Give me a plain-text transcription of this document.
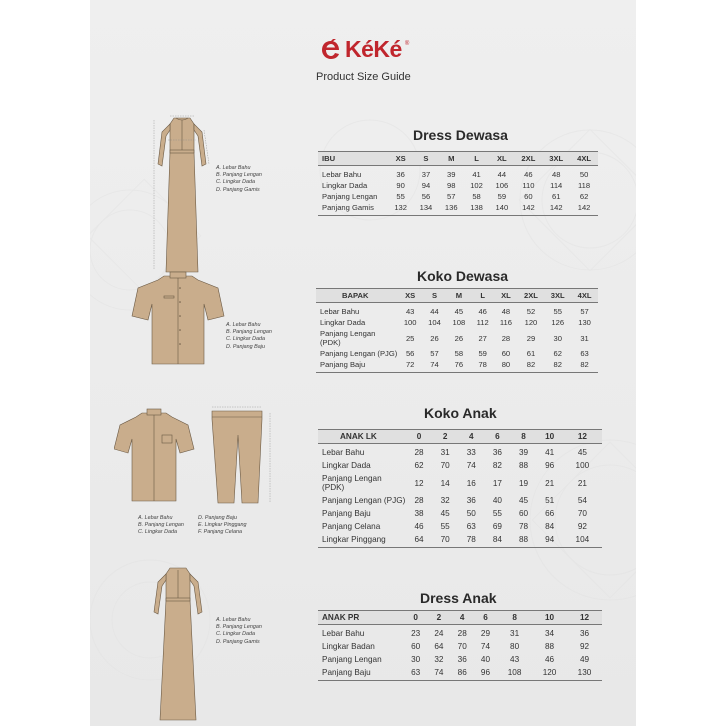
KéKé ®
Product Size Guide
A. Lebar Bahu
B. Panjang Lengan
C. Lingkar Dada
D. Panjang Gamis
Dress Dewasa
IBU	XS	S	M	L	XL	2XL	3XL	4XL
Lebar Bahu	36	37	39	41	44	46	48	50
Lingkar Dada	90	94	98	102	106	110	114	118
Panjang Lengan	55	56	57	58	59	60	61	62
Panjang Gamis	132	134	136	138	140	142	142	142
A. Lebar Bahu
B. Panjang Lengan
C. Lingkar Dada
D. Panjang Baju
Koko Dewasa
BAPAK	XS	S	M	L	XL	2XL	3XL	4XL
Lebar Bahu	43	44	45	46	48	52	55	57
Lingkar Dada	100	104	108	112	116	120	126	130
Panjang Lengan (PDK)	25	26	26	27	28	29	30	31
Panjang Lengan (PJG)	56	57	58	59	60	61	62	63
Panjang Baju	72	74	76	78	80	82	82	82
A. Lebar Bahu	D. Panjang Baju
B. Panjang Lengan	E. Lingkar Pinggang
C. Lingkar Dada	F. Panjang Celana
Koko Anak
ANAK LK	0	2	4	6	8	10	12
Lebar Bahu	28	31	33	36	39	41	45
Lingkar Dada	62	70	74	82	88	96	100
Panjang Lengan (PDK)	12	14	16	17	19	21	21
Panjang Lengan (PJG)	28	32	36	40	45	51	54
Panjang Baju	38	45	50	55	60	66	70
Panjang Celana	46	55	63	69	78	84	92
Lingkar Pinggang	64	70	78	84	88	94	104
A. Lebar Bahu
B. Panjang Lengan
C. Lingkar Dada
D. Panjang Gamis
Dress Anak
ANAK PR	0	2	4	6	8	10	12
Lebar Bahu	23	24	28	29	31	34	36
Lingkar Badan	60	64	70	74	80	88	92
Panjang Lengan	30	32	36	40	43	46	49
Panjang Baju	63	74	86	96	108	120	130
